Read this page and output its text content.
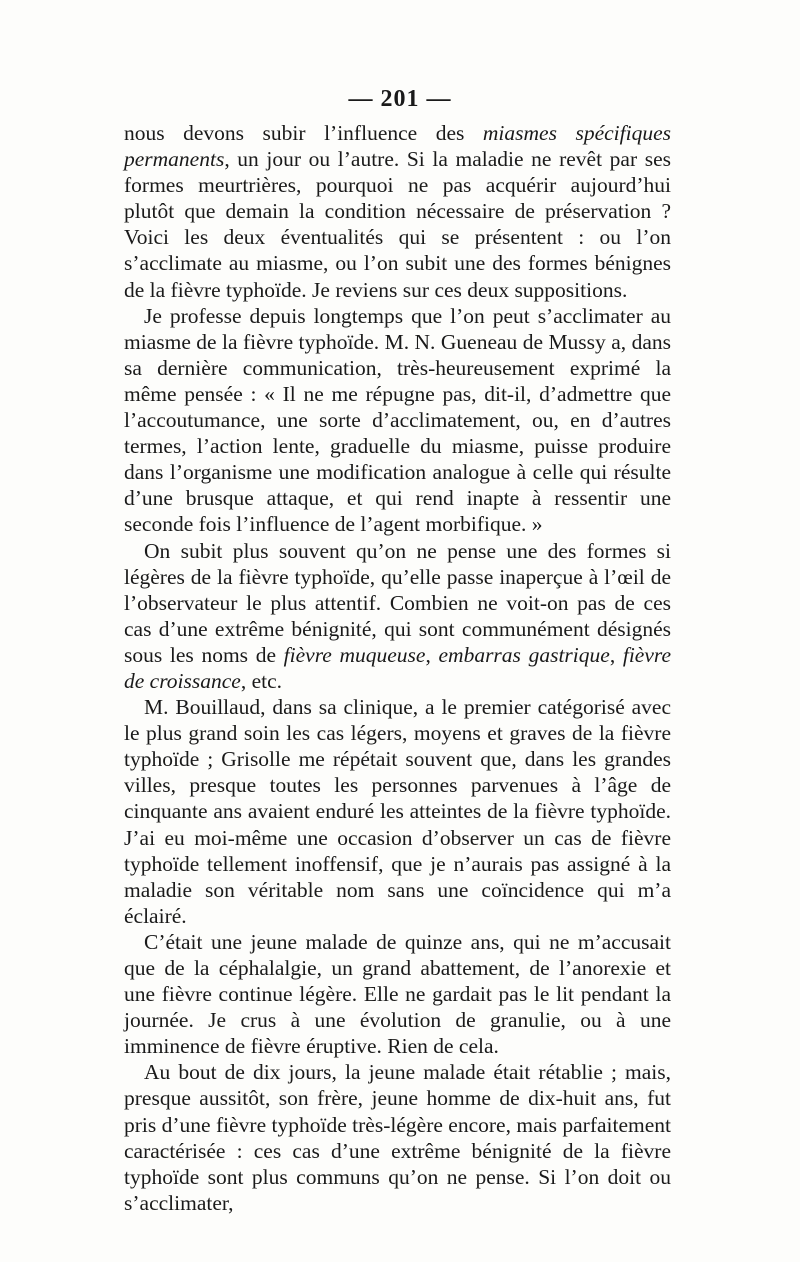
— 201 —

nous devons subir l’influence des miasmes spécifiques permanents, un jour ou l’autre. Si la maladie ne revêt par ses formes meurtrières, pourquoi ne pas acquérir aujourd’hui plutôt que demain la condition nécessaire de préservation ? Voici les deux éventualités qui se présentent : ou l’on s’acclimate au miasme, ou l’on subit une des formes bénignes de la fièvre typhoïde. Je reviens sur ces deux suppositions.

Je professe depuis longtemps que l’on peut s’acclimater au miasme de la fièvre typhoïde. M. N. Gueneau de Mussy a, dans sa dernière communication, très-heureusement exprimé la même pensée : « Il ne me répugne pas, dit-il, d’admettre que l’accoutumance, une sorte d’acclimatement, ou, en d’autres termes, l’action lente, graduelle du miasme, puisse produire dans l’organisme une modification analogue à celle qui résulte d’une brusque attaque, et qui rend inapte à ressentir une seconde fois l’influence de l’agent morbifique. »

On subit plus souvent qu’on ne pense une des formes si légères de la fièvre typhoïde, qu’elle passe inaperçue à l’œil de l’observateur le plus attentif. Combien ne voit-on pas de ces cas d’une extrême bénignité, qui sont communément désignés sous les noms de fièvre muqueuse, embarras gastrique, fièvre de croissance, etc.

M. Bouillaud, dans sa clinique, a le premier catégorisé avec le plus grand soin les cas légers, moyens et graves de la fièvre typhoïde ; Grisolle me répétait souvent que, dans les grandes villes, presque toutes les personnes parvenues à l’âge de cinquante ans avaient enduré les atteintes de la fièvre typhoïde. J’ai eu moi-même une occasion d’observer un cas de fièvre typhoïde tellement inoffensif, que je n’aurais pas assigné à la maladie son véritable nom sans une coïncidence qui m’a éclairé.

C’était une jeune malade de quinze ans, qui ne m’accusait que de la céphalalgie, un grand abattement, de l’anorexie et une fièvre continue légère. Elle ne gardait pas le lit pendant la journée. Je crus à une évolution de granulie, ou à une imminence de fièvre éruptive. Rien de cela.

Au bout de dix jours, la jeune malade était rétablie ; mais, presque aussitôt, son frère, jeune homme de dix-huit ans, fut pris d’une fièvre typhoïde très-légère encore, mais parfaitement caractérisée : ces cas d’une extrême bénignité de la fièvre typhoïde sont plus communs qu’on ne pense. Si l’on doit ou s’acclimater,
